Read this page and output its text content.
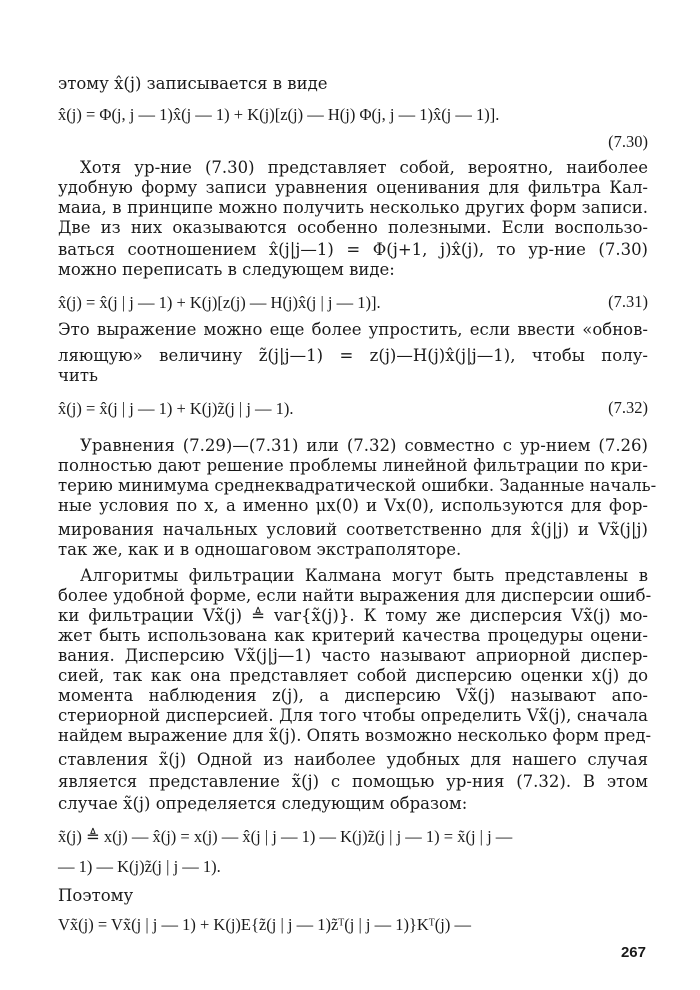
этому x̂(j) записывается в виде
x̂(j) = Φ(j, j — 1)x̂(j — 1) + K(j)[z(j) — H(j) Φ(j, j — 1)x̂(j — 1)].
(7.30)
Хотя ур-ние (7.30) представляет собой, вероятно, наиболее
удобную форму записи уравнения оценивания для фильтра Кал-
маиа, в принципе можно получить несколько других форм записи.
Две из них оказываются особенно полезными. Если воспользо-
ваться соотношением x̂(j|j—1) = Φ(j+1, j)x̂(j), то ур-ние (7.30)
можно переписать в следующем виде:
x̂(j) = x̂(j | j — 1) + K(j)[z(j) — H(j)x̂(j | j — 1)].	(7.31)
Это выражение можно еще более упростить, если ввести «обнов-
ляющую» величину z̃(j|j—1) = z(j)—H(j)x̂(j|j—1), чтобы полу-
чить
x̂(j) = x̂(j | j — 1) + K(j)z̃(j | j — 1).	(7.32)
Уравнения (7.29)—(7.31) или (7.32) совместно с ур-нием (7.26)
полностью дают решение проблемы линейной фильтрации по кри-
терию минимума среднеквадратической ошибки. Заданные началь-
ные условия по x, а именно μx(0) и Vx(0), используются для фор-
мирования начальных условий соответственно для x̂(j|j) и Vx̃(j|j)
так же, как и в одношаговом экстраполяторе.
Алгоритмы фильтрации Калмана могут быть представлены в
более удобной форме, если найти выражения для дисперсии ошиб-
ки фильтрации Vx̃(j) ≜ var{x̃(j)}. К тому же дисперсия Vx̃(j) мо-
жет быть использована как критерий качества процедуры оцени-
вания. Дисперсию Vx̃(j|j—1) часто называют априорной диспер-
сией, так как она представляет собой дисперсию оценки x(j) до
момента наблюдения z(j), а дисперсию Vx̃(j) называют апо-
стериорной дисперсией. Для того чтобы определить Vx̃(j), сначала
найдем выражение для x̃(j). Опять возможно несколько форм пред-
ставления x̃(j) Одной из наиболее удобных для нашего случая
является представление x̃(j) с помощью ур-ния (7.32). В этом
случае x̃(j) определяется следующим образом:
x̃(j) ≜ x(j) — x̂(j) = x(j) — x̂(j | j — 1) — K(j)z̃(j | j — 1) = x̃(j | j —
— 1) — K(j)z̃(j | j — 1).
Поэтому
Vx̃(j) = Vx̃(j | j — 1) + K(j)E{z̃(j | j — 1)z̃ᵀ(j | j — 1)}Kᵀ(j) —
267
